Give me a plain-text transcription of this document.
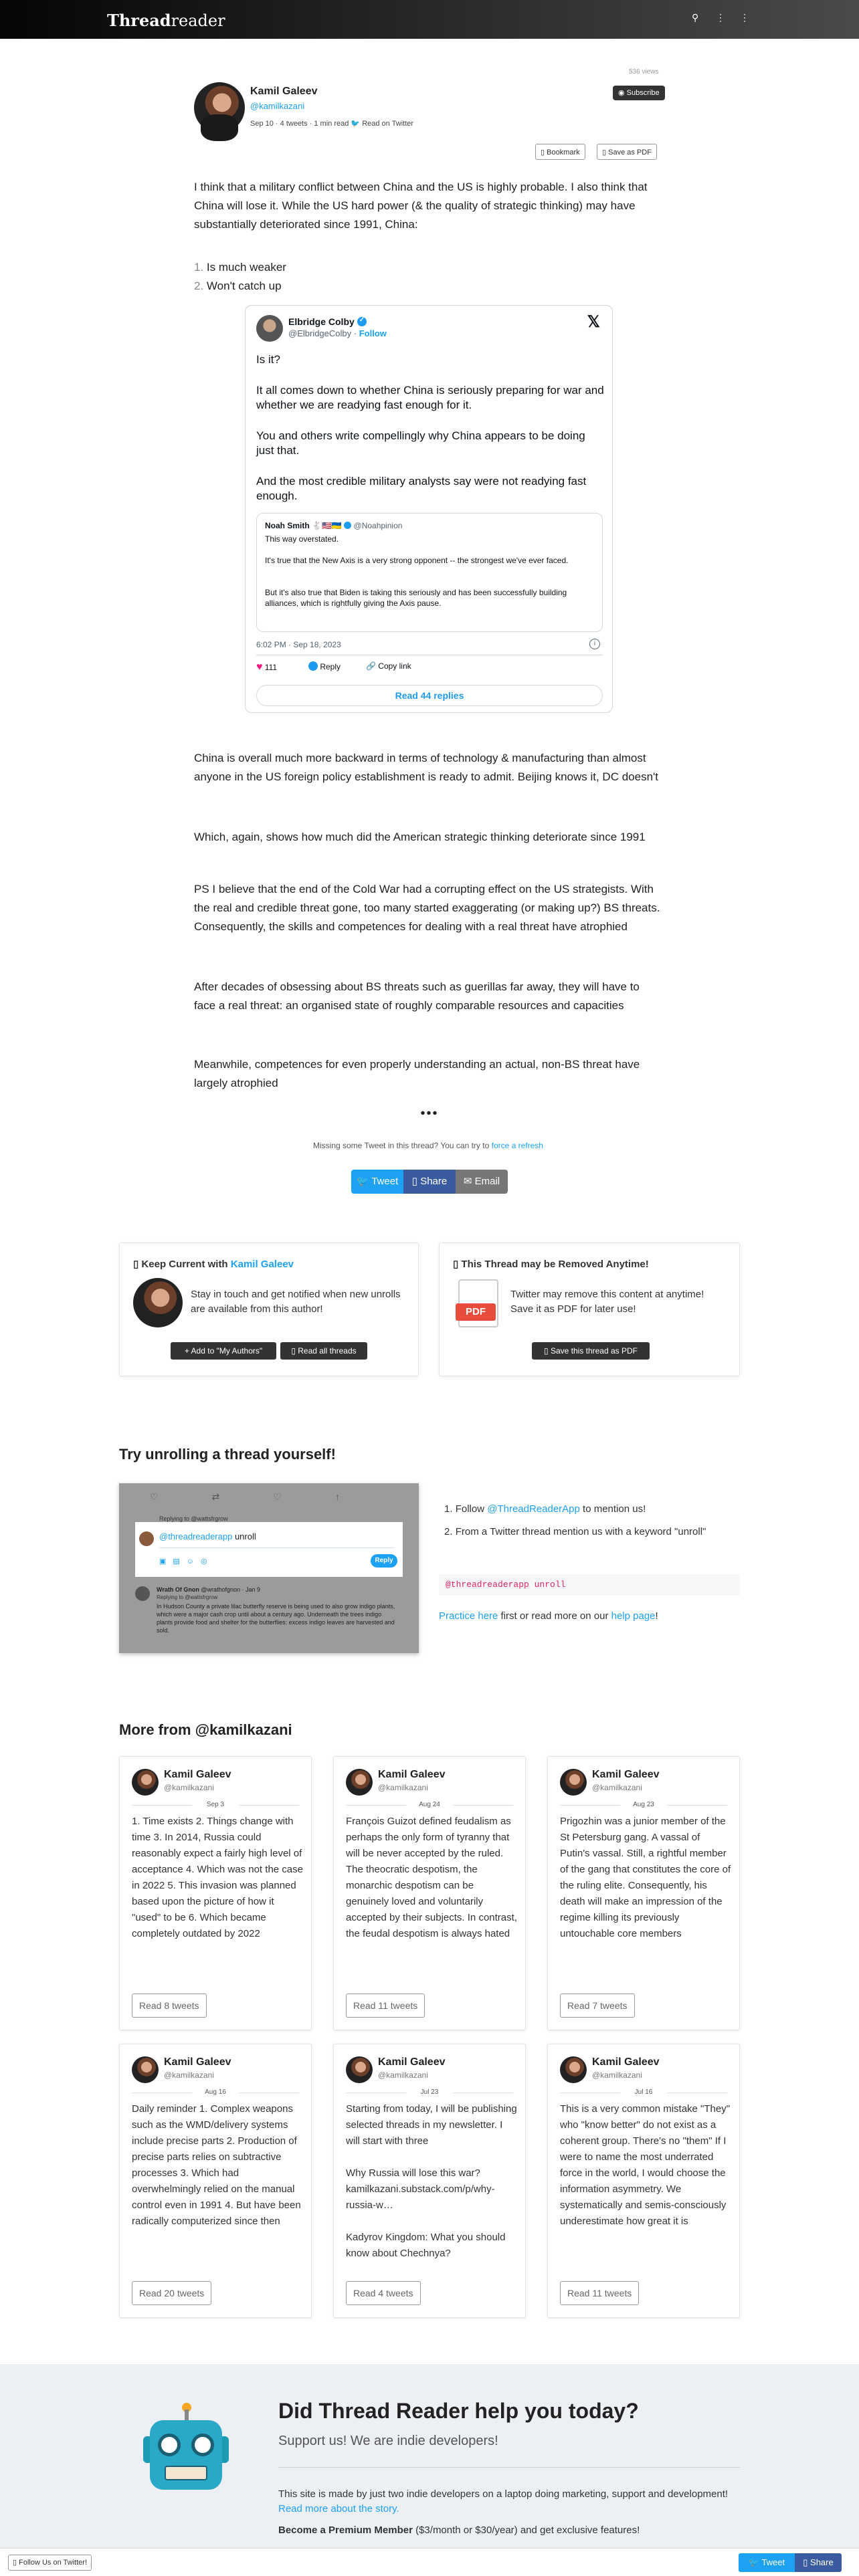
Threadreader	⚲ ⋮ ⋮
Kamil Galeev
@kamilkazani
Sep 10 · 4 tweets · 1 min read 🐦 Read on Twitter
536 views
◉ Subscribe
▯ Bookmark	▯ Save as PDF
I think that a military conflict between China and the US is highly probable. I also think that China will lose it. While the US hard power (& the quality of strategic thinking) may have substantially deteriorated since 1991, China:
1. Is much weaker
2. Won't catch up
Elbridge Colby✓
@ElbridgeColby · Follow
𝕏
Is it?
It all comes down to whether China is seriously preparing for war and whether we are readying fast enough for it.
You and others write compellingly why China appears to be doing just that.
And the most credible military analysts say were not readying fast enough.
Noah Smith 🐇🇺🇸🇺🇦 @Noahpinion
This way overstated.
It's true that the New Axis is a very strong opponent -- the strongest we've ever faced.
But it's also true that Biden is taking this seriously and has been successfully building alliances, which is rightfully giving the Axis pause.
6:02 PM · Sep 18, 2023	i
♥ 111	Reply	🔗 Copy link
Read 44 replies
China is overall much more backward in terms of technology & manufacturing than almost anyone in the US foreign policy establishment is ready to admit. Beijing knows it, DC doesn't
Which, again, shows how much did the American strategic thinking deteriorate since 1991
PS I believe that the end of the Cold War had a corrupting effect on the US strategists. With the real and credible threat gone, too many started exaggerating (or making up?) BS threats. Consequently, the skills and competences for dealing with a real threat have atrophied
After decades of obsessing about BS threats such as guerillas far away, they will have to face a real threat: an organised state of roughly comparable resources and capacities
Meanwhile, competences for even properly understanding an actual, non-BS threat have largely atrophied
•••
Missing some Tweet in this thread? You can try to force a refresh
🐦 Tweet	▯ Share	✉ Email
▯ Keep Current with Kamil Galeev
Stay in touch and get notified when new unrolls are available from this author!
+ Add to "My Authors"	▯ Read all threads
▯ This Thread may be Removed Anytime!
PDF
Twitter may remove this content at anytime! Save it as PDF for later use!
▯ Save this thread as PDF
Try unrolling a thread yourself!
♡⇄♡↑
Replying to @wattsfrgrow
@threadreaderapp unroll
▣▤☺◎	Reply
Wrath Of Gnon @wrathofgnon · Jan 9
Replying to @wattsfrgrow
In Hudson County a private lilac butterfly reserve is being used to also grow indigo plants, which were a major cash crop until about a century ago. Underneath the trees indigo plants provide food and shelter for the butterflies: excess indigo leaves are harvested and sold.
1. Follow @ThreadReaderApp to mention us!
2. From a Twitter thread mention us with a keyword "unroll"
@threadreaderapp unroll
Practice here first or read more on our help page!
More from @kamilkazani
Kamil Galeev
@kamilkazani
Sep 3
1. Time exists 2. Things change with time 3. In 2014, Russia could reasonably expect a fairly high level of acceptance 4. Which was not the case in 2022 5. This invasion was planned based upon the picture of how it "used" to be 6. Which became completely outdated by 2022
Read 8 tweets
Kamil Galeev
@kamilkazani
Aug 24
François Guizot defined feudalism as perhaps the only form of tyranny that will be never accepted by the ruled. The theocratic despotism, the monarchic despotism can be genuinely loved and voluntarily accepted by their subjects. In contrast, the feudal despotism is always hated
Read 11 tweets
Kamil Galeev
@kamilkazani
Aug 23
Prigozhin was a junior member of the St Petersburg gang. A vassal of Putin's vassal. Still, a rightful member of the gang that constitutes the core of the ruling elite. Consequently, his death will make an impression of the regime killing its previously untouchable core members
Read 7 tweets
Kamil Galeev
@kamilkazani
Aug 16
Daily reminder 1. Complex weapons such as the WMD/delivery systems include precise parts 2. Production of precise parts relies on subtractive processes 3. Which had overwhelmingly relied on the manual control even in 1991 4. But have been radically computerized since then
Read 20 tweets
Kamil Galeev
@kamilkazani
Jul 23
Starting from today, I will be publishing selected threads in my newsletter. I will start with three

Why Russia will lose this war?
kamilkazani.substack.com/p/why-russia-w…

Kadyrov Kingdom: What you should know about Chechnya?
Read 4 tweets
Kamil Galeev
@kamilkazani
Jul 16
This is a very common mistake "They" who "know better" do not exist as a coherent group. There's no "them" If I were to name the most underrated force in the world, I would choose the information asymmetry. We systematically and semis-consciously underestimate how great it is
Read 11 tweets
Did Thread Reader help you today?
Support us! We are indie developers!
This site is made by just two indie developers on a laptop doing marketing, support and development! Read more about the story.
Become a Premium Member ($3/month or $30/year) and get exclusive features!
▯ Follow Us on Twitter!	🐦 Tweet	▯ Share
